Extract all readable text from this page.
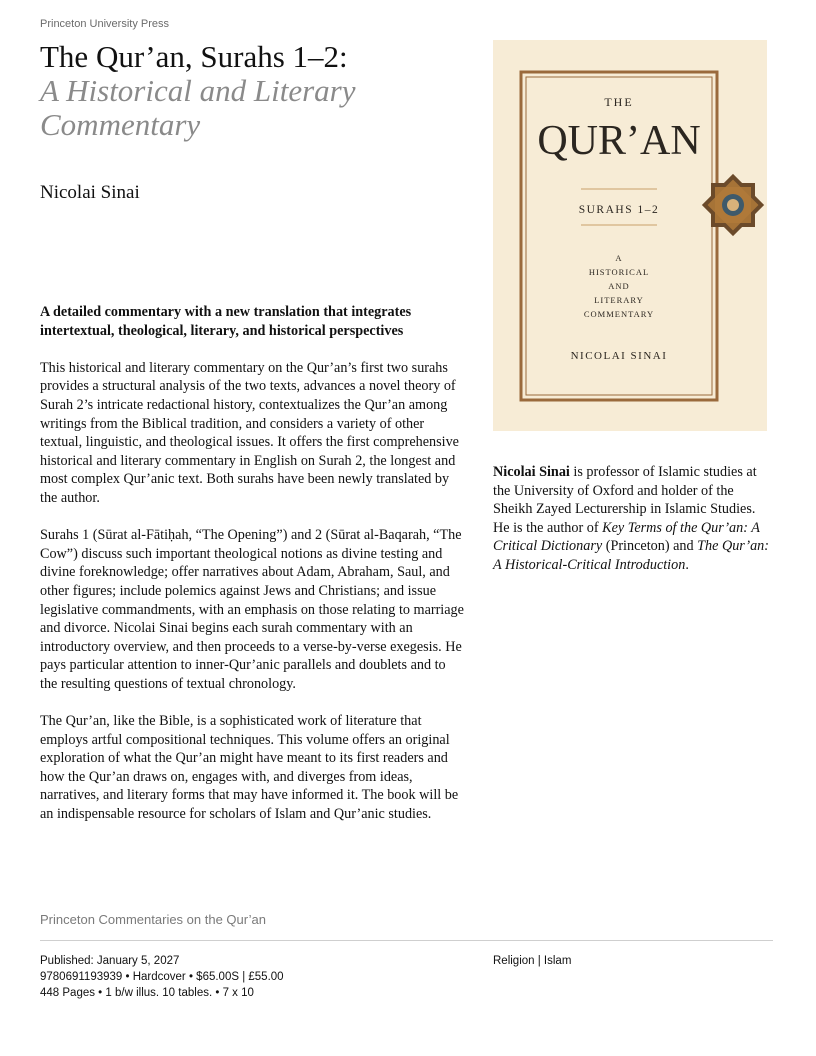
Princeton University Press
The Qur’an, Surahs 1–2:
A Historical and Literary Commentary
Nicolai Sinai

A detailed commentary with a new translation that integrates intertextual, theological, literary, and historical perspectives

This historical and literary commentary on the Qur’an’s first two surahs provides a structural analysis of the two texts, advances a novel theory of Surah 2’s intricate redactional history, contextualizes the Qur’an among writings from the Biblical tradition, and considers a variety of other textual, linguistic, and theological issues. It offers the first comprehensive historical and literary commentary in English on Surah 2, the longest and most complex Qur’anic text. Both surahs have been newly translated by the author.

Surahs 1 (Sūrat al-Fātiḥah, “The Opening”) and 2 (Sūrat al-Baqarah, “The Cow”) discuss such important theological notions as divine testing and divine foreknowledge; offer narratives about Adam, Abraham, Saul, and other figures; include polemics against Jews and Christians; and issue legislative commandments, with an emphasis on those relating to marriage and divorce. Nicolai Sinai begins each surah commentary with an introductory overview, and then proceeds to a verse-by-verse exegesis. He pays particular attention to inner-Qur’anic parallels and doublets and to the resulting questions of textual chronology.

The Qur’an, like the Bible, is a sophisticated work of literature that employs artful compositional techniques. This volume offers an original exploration of what the Qur’an might have meant to its first readers and how the Qur’an draws on, engages with, and diverges from ideas, narratives, and literary forms that may have informed it. The book will be an indispensable resource for scholars of Islam and Qur’anic studies.

THE
QUR’AN
SURAHS 1–2
A
HISTORICAL
AND
LITERARY
COMMENTARY
NICOLAI SINAI
Nicolai Sinai is professor of Islamic studies at the University of Oxford and holder of the Sheikh Zayed Lecturership in Islamic Studies. He is the author of Key Terms of the Qur’an: A Critical Dictionary (Princeton) and The Qur’an: A Historical-Critical Introduction.
Princeton Commentaries on the Qur’an
Published: January 5, 2027
9780691193939 • Hardcover • $65.00S | £55.00
448 Pages • 1 b/w illus. 10 tables. • 7 x 10
Religion | Islam
